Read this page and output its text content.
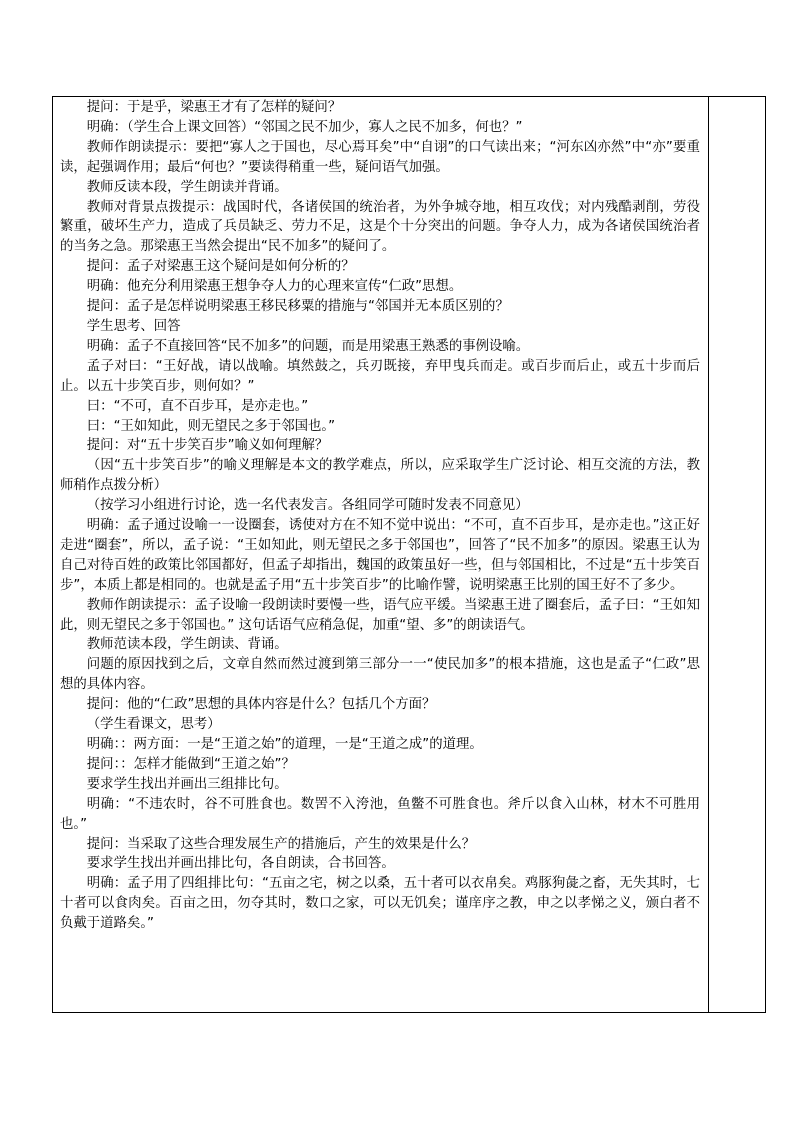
提问：于是乎，梁惠王才有了怎样的疑问？

明确：（学生合上课文回答）“邻国之民不加少，寡人之民不加多，何也？”

教师作朗读提示：要把“寡人之于国也，尽心焉耳矣”中“自诩”的口气读出来；“河东凶亦然”中“亦”要重读，起强调作用；最后“何也？”要读得稍重一些，疑问语气加强。

教师反读本段，学生朗读并背诵。

教师对背景点拨提示：战国时代，各诸侯国的统治者，为外争城夺地，相互攻伐；对内残酷剥削，劳役繁重，破坏生产力，造成了兵员缺乏、劳力不足，这是个十分突出的问题。争夺人力，成为各诸侯国统治者的当务之急。那梁惠王当然会提出“民不加多”的疑问了。

提问：孟子对梁惠王这个疑问是如何分析的？

明确：他充分利用梁惠王想争夺人力的心理来宣传“仁政”思想。

提问：孟子是怎样说明梁惠王移民移粟的措施与“邻国并无本质区别的？

学生思考、回答

明确：孟子不直接回答“民不加多”的问题，而是用梁惠王熟悉的事例设喻。

孟子对曰：“王好战，请以战喻。填然鼓之，兵刃既接，弃甲曳兵而走。或百步而后止，或五十步而后止。以五十步笑百步，则何如？”

曰：“不可，直不百步耳，是亦走也。”

曰：“王如知此，则无望民之多于邻国也。”

提问：对“五十步笑百步”喻义如何理解？

（因“五十步笑百步”的喻义理解是本文的教学难点，所以，应采取学生广泛讨论、相互交流的方法，教师稍作点拨分析）

（按学习小组进行讨论，选一名代表发言。各组同学可随时发表不同意见）

明确：孟子通过设喻一一设圈套，诱使对方在不知不觉中说出：“不可，直不百步耳，是亦走也。”这正好走进“圈套”，所以，孟子说：“王如知此，则无望民之多于邻国也”，回答了“民不加多”的原因。梁惠王认为自己对待百姓的政策比邻国都好，但孟子却指出，魏国的政策虽好一些，但与邻国相比，不过是“五十步笑百步”，本质上都是相同的。也就是孟子用“五十步笑百步”的比喻作譬，说明梁惠王比别的国王好不了多少。

教师作朗读提示：孟子设喻一段朗读时要慢一些，语气应平缓。当梁惠王进了圈套后，孟子曰：“王如知此，则无望民之多于邻国也。” 这句话语气应稍急促，加重“望、多”的朗读语气。

教师范读本段，学生朗读、背诵。

问题的原因找到之后，文章自然而然过渡到第三部分一一“使民加多”的根本措施，这也是孟子“仁政”思想的具体内容。

提问：他的“仁政”思想的具体内容是什么？包括几个方面？

（学生看课文，思考）

明确：：两方面：一是“王道之始”的道理，一是“王道之成”的道理。

提问：：怎样才能做到“王道之始”？

要求学生找出并画出三组排比句。

明确：“不违农时，谷不可胜食也。数罟不入洿池，鱼鳖不可胜食也。斧斤以食入山林，材木不可胜用也。”

提问：当采取了这些合理发展生产的措施后，产生的效果是什么？

要求学生找出并画出排比句，各自朗读，合书回答。

明确：孟子用了四组排比句：“五亩之宅，树之以桑，五十者可以衣帛矣。鸡豚狗彘之畜，无失其时，七十者可以食肉矣。百亩之田，勿夺其时，数口之家，可以无饥矣；谨庠序之教，申之以孝悌之义，颁白者不负戴于道路矣。”
